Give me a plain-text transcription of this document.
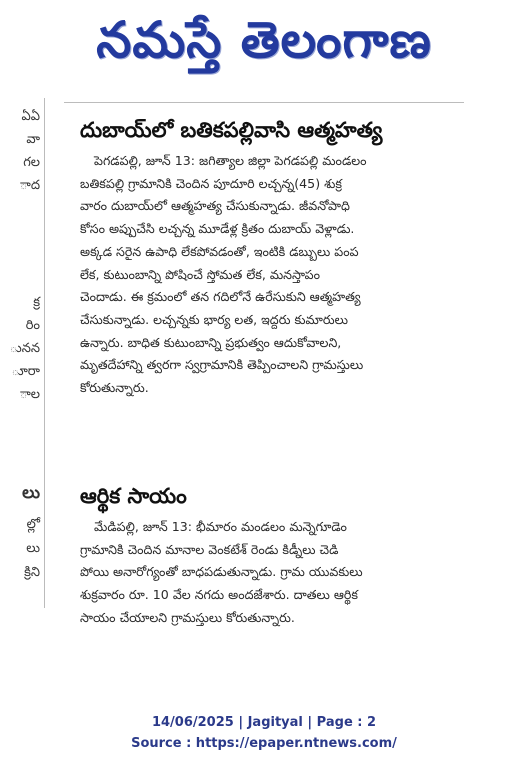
నమస్తే తెలంగాణ
ఏఏ
వా
గల
ాద
క్ర
రిం
ునన
ూరా
ాల
లు
ల్లో
లు
క్రిని
దుబాయ్‌లో బతికపల్లివాసి ఆత్మహత్య
పెగడపల్లి, జూన్ 13: జగిత్యాల జిల్లా పెగడపల్లి మండలం
బతికపల్లి గ్రామానికి చెందిన పూదూరి లచ్చన్న(45) శుక్ర
వారం దుబాయ్‌లో ఆత్మహత్య చేసుకున్నాడు. జీవనోపాధి
కోసం అప్పుచేసి లచ్చన్న మూడేళ్ల క్రితం దుబాయ్ వెళ్లాడు.
అక్కడ సరైన ఉపాధి లేకపోవడంతో, ఇంటికి డబ్బులు పంప
లేక, కుటుంబాన్ని పోషించే స్తోమత లేక, మనస్తాపం
చెందాడు. ఈ క్రమంలో తన గదిలోనే ఉరేసుకుని ఆత్మహత్య
చేసుకున్నాడు. లచ్చన్నకు భార్య లత, ఇద్దరు కుమారులు
ఉన్నారు. బాధిత కుటుంబాన్ని ప్రభుత్వం ఆదుకోవాలని,
మృతదేహాన్ని త్వరగా స్వగ్రామానికి తెప్పించాలని గ్రామస్తులు
కోరుతున్నారు.
ఆర్థిక సాయం
మేడిపల్లి, జూన్ 13: భీమారం మండలం మన్నెగూడెం
గ్రామానికి చెందిన మానాల వెంకటేశ్ రెండు కిడ్నీలు చెడి
పోయి అనారోగ్యంతో బాధపడుతున్నాడు. గ్రామ యువకులు
శుక్రవారం రూ. 10 వేల నగదు అందజేశారు. దాతలు ఆర్థిక
సాయం చేయాలని గ్రామస్తులు కోరుతున్నారు.
14/06/2025 | Jagityal | Page : 2
Source : https://epaper.ntnews.com/
